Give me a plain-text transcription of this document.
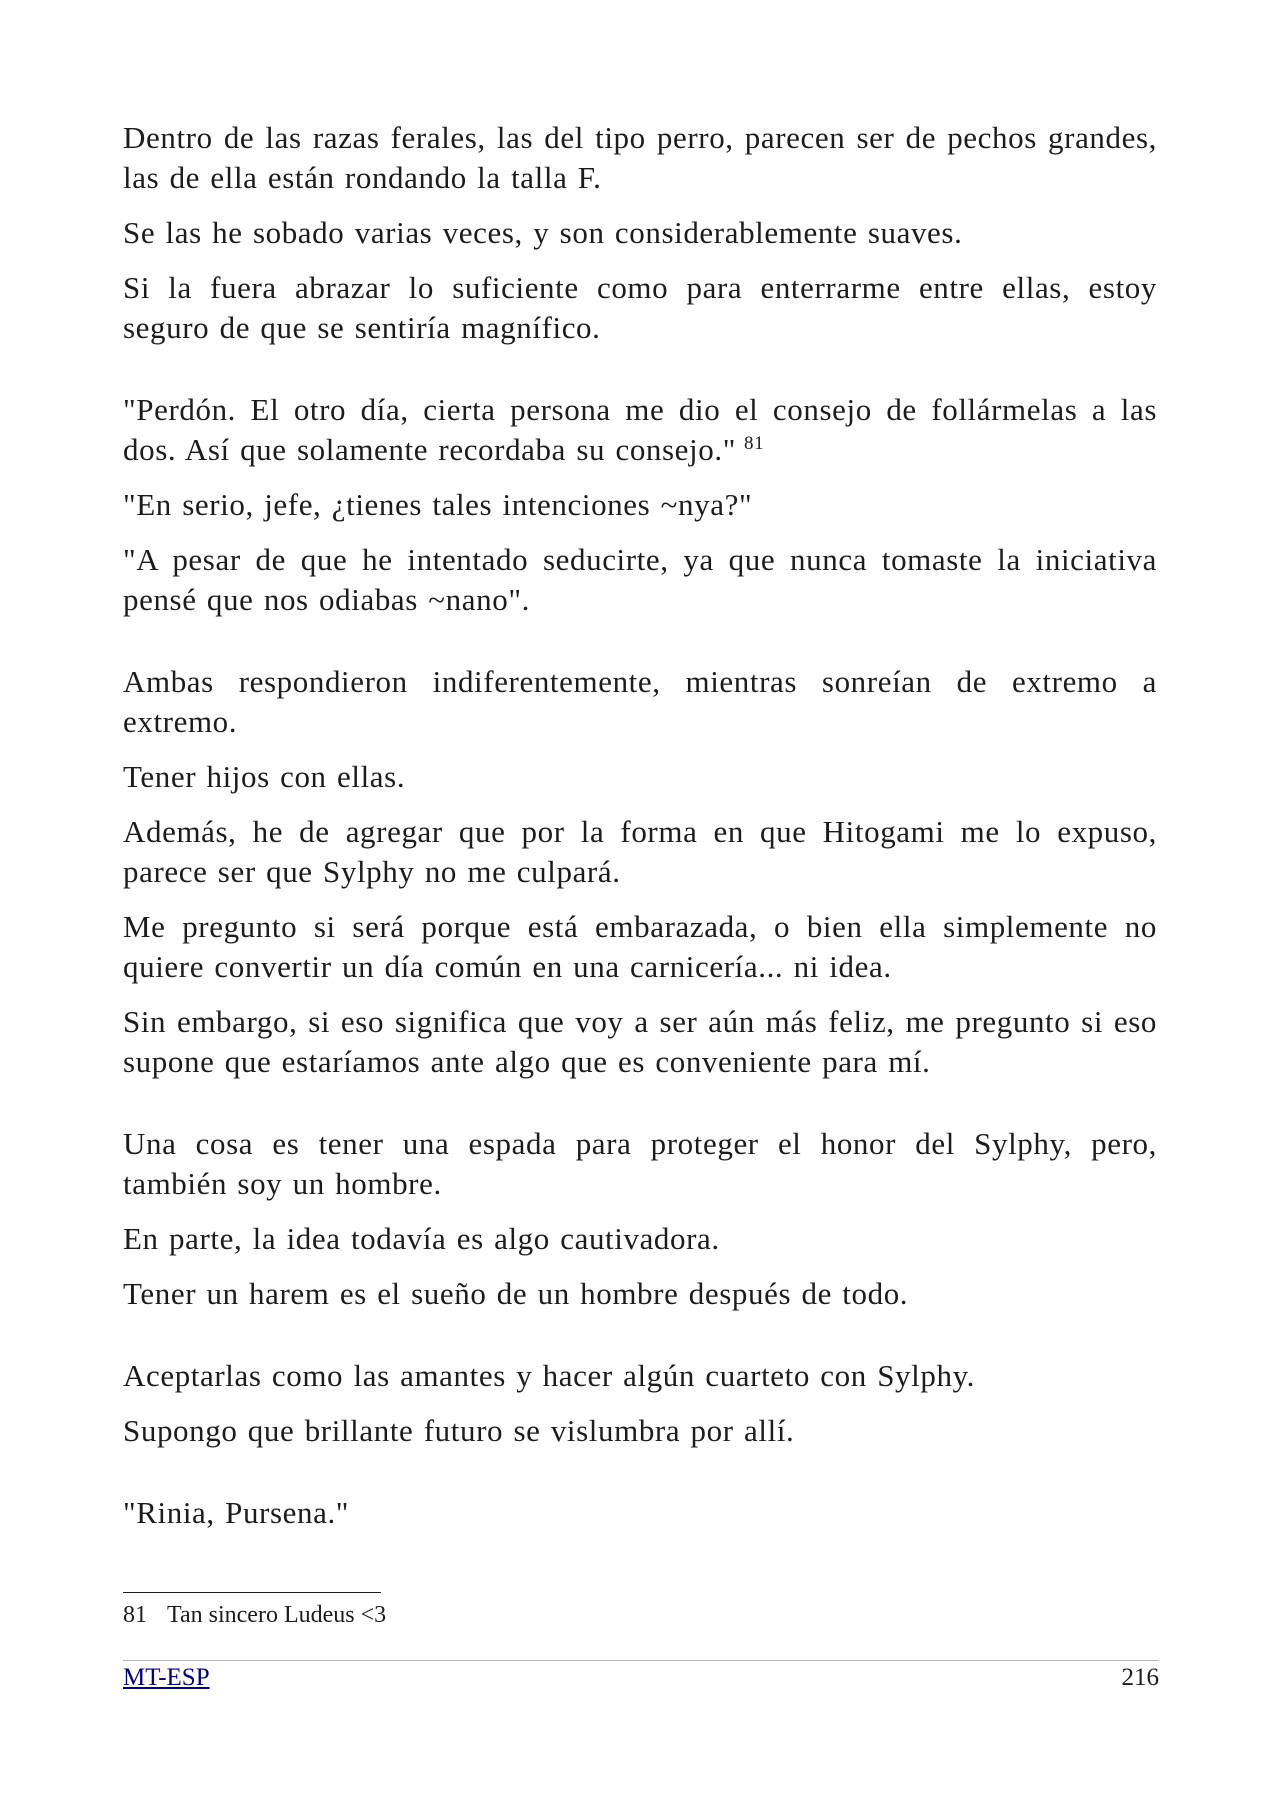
Dentro de las razas ferales, las del tipo perro, parecen ser de pechos grandes, las de ella están rondando la talla F.

Se las he sobado varias veces, y son considerablemente suaves.

Si la fuera abrazar lo suficiente como para enterrarme entre ellas, estoy seguro de que se sentiría magnífico.

"Perdón. El otro día, cierta persona me dio el consejo de follármelas a las dos. Así que solamente recordaba su consejo." $^{81}$

"En serio, jefe, ¿tienes tales intenciones ~nya?"

"A pesar de que he intentado seducirte, ya que nunca tomaste la iniciativa pensé que nos odiabas ~nano".

Ambas respondieron indiferentemente, mientras sonreían de extremo a extremo.

Tener hijos con ellas.

Además, he de agregar que por la forma en que Hitogami me lo expuso, parece ser que Sylphy no me culpará.

Me pregunto si será porque está embarazada, o bien ella simplemente no quiere convertir un día común en una carnicería... ni idea.

Sin embargo, si eso significa que voy a ser aún más feliz, me pregunto si eso supone que estaríamos ante algo que es conveniente para mí.

Una cosa es tener una espada para proteger el honor del Sylphy, pero, también soy un hombre.

En parte, la idea todavía es algo cautivadora.

Tener un harem es el sueño de un hombre después de todo.

Aceptarlas como las amantes y hacer algún cuarteto con Sylphy.

Supongo que brillante futuro se vislumbra por allí.

"Rinia, Pursena."

81 Tan sincero Ludeus <3
MT-ESP	216
